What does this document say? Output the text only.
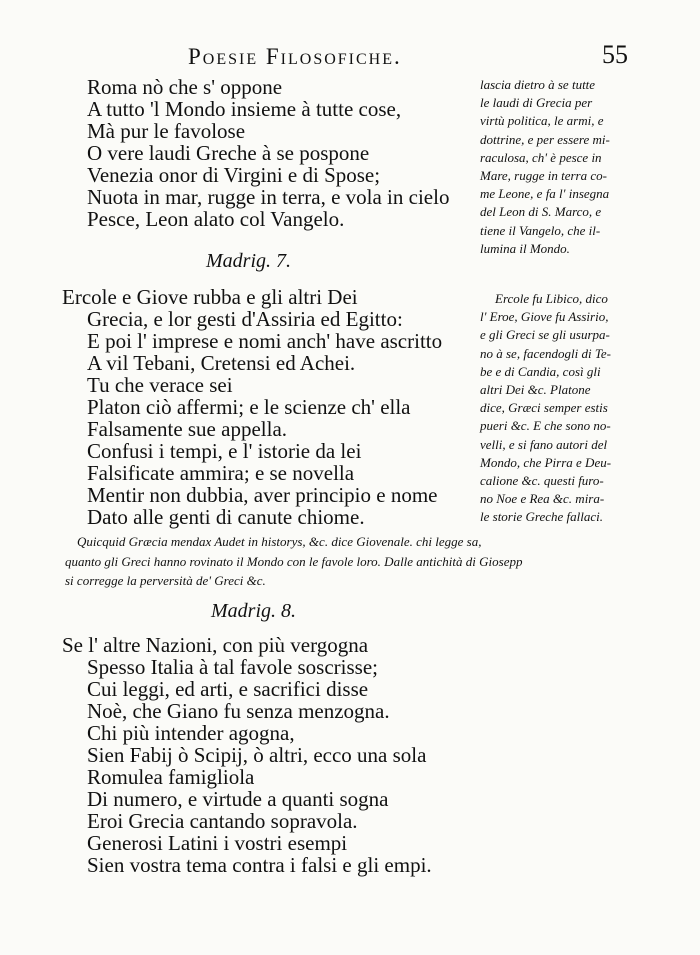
Poesie Filosofiche.	55
Roma nò che s' oppone
A tutto 'l Mondo insieme à tutte cose,
Mà pur le favolose
O vere laudi Greche à se pospone
Venezia onor di Virgini e di Spose;
Nuota in mar, rugge in terra, e vola in cielo
Pesce, Leon alato col Vangelo.
lascia dietro à se tutte
le laudi di Grecia per
virtù politica, le armi, e
dottrine, e per essere mi-
raculosa, ch' è pesce in
Mare, rugge in terra co-
me Leone, e fa l' insegna
del Leon di S. Marco, e
tiene il Vangelo, che il-
lumina il Mondo.
Madrig. 7.
Ercole e Giove rubba e gli altri Dei
Grecia, e lor gesti d'Assiria ed Egitto:
E poi l' imprese e nomi anch' have ascritto
A vil Tebani, Cretensi ed Achei.
Tu che verace sei
Platon ciò affermi; e le scienze ch' ella
Falsamente sue appella.
Confusi i tempi, e l' istorie da lei
Falsificate ammira; e se novella
Mentir non dubbia, aver principio e nome
Dato alle genti di canute chiome.
Ercole fu Libico, dico
l' Eroe, Giove fu Assirio,
e gli Greci se gli usurpa-
no à se, facendogli di Te-
be e di Candia, così gli
altri Dei &c. Platone
dice, Græci semper estis
pueri &c. E che sono no-
velli, e si fano autori del
Mondo, che Pirra e Deu-
calione &c. questi furo-
no Noe e Rea &c. mira-
le storie Greche fallaci.
Quicquid Græcia mendax Audet in historys, &c. dice Giovenale. chi legge sa,
quanto gli Greci hanno rovinato il Mondo con le favole loro. Dalle antichità di Giosepp
si corregge la perversità de' Greci &c.
Madrig. 8.
Se l' altre Nazioni, con più vergogna
Spesso Italia à tal favole soscrisse;
Cui leggi, ed arti, e sacrifici disse
Noè, che Giano fu senza menzogna.
Chi più intender agogna,
Sien Fabij ò Scipij, ò altri, ecco una sola
Romulea famigliola
Di numero, e virtude a quanti sogna
Eroi Grecia cantando sopravola.
Generosi Latini i vostri esempi
Sien vostra tema contra i falsi e gli empi.
